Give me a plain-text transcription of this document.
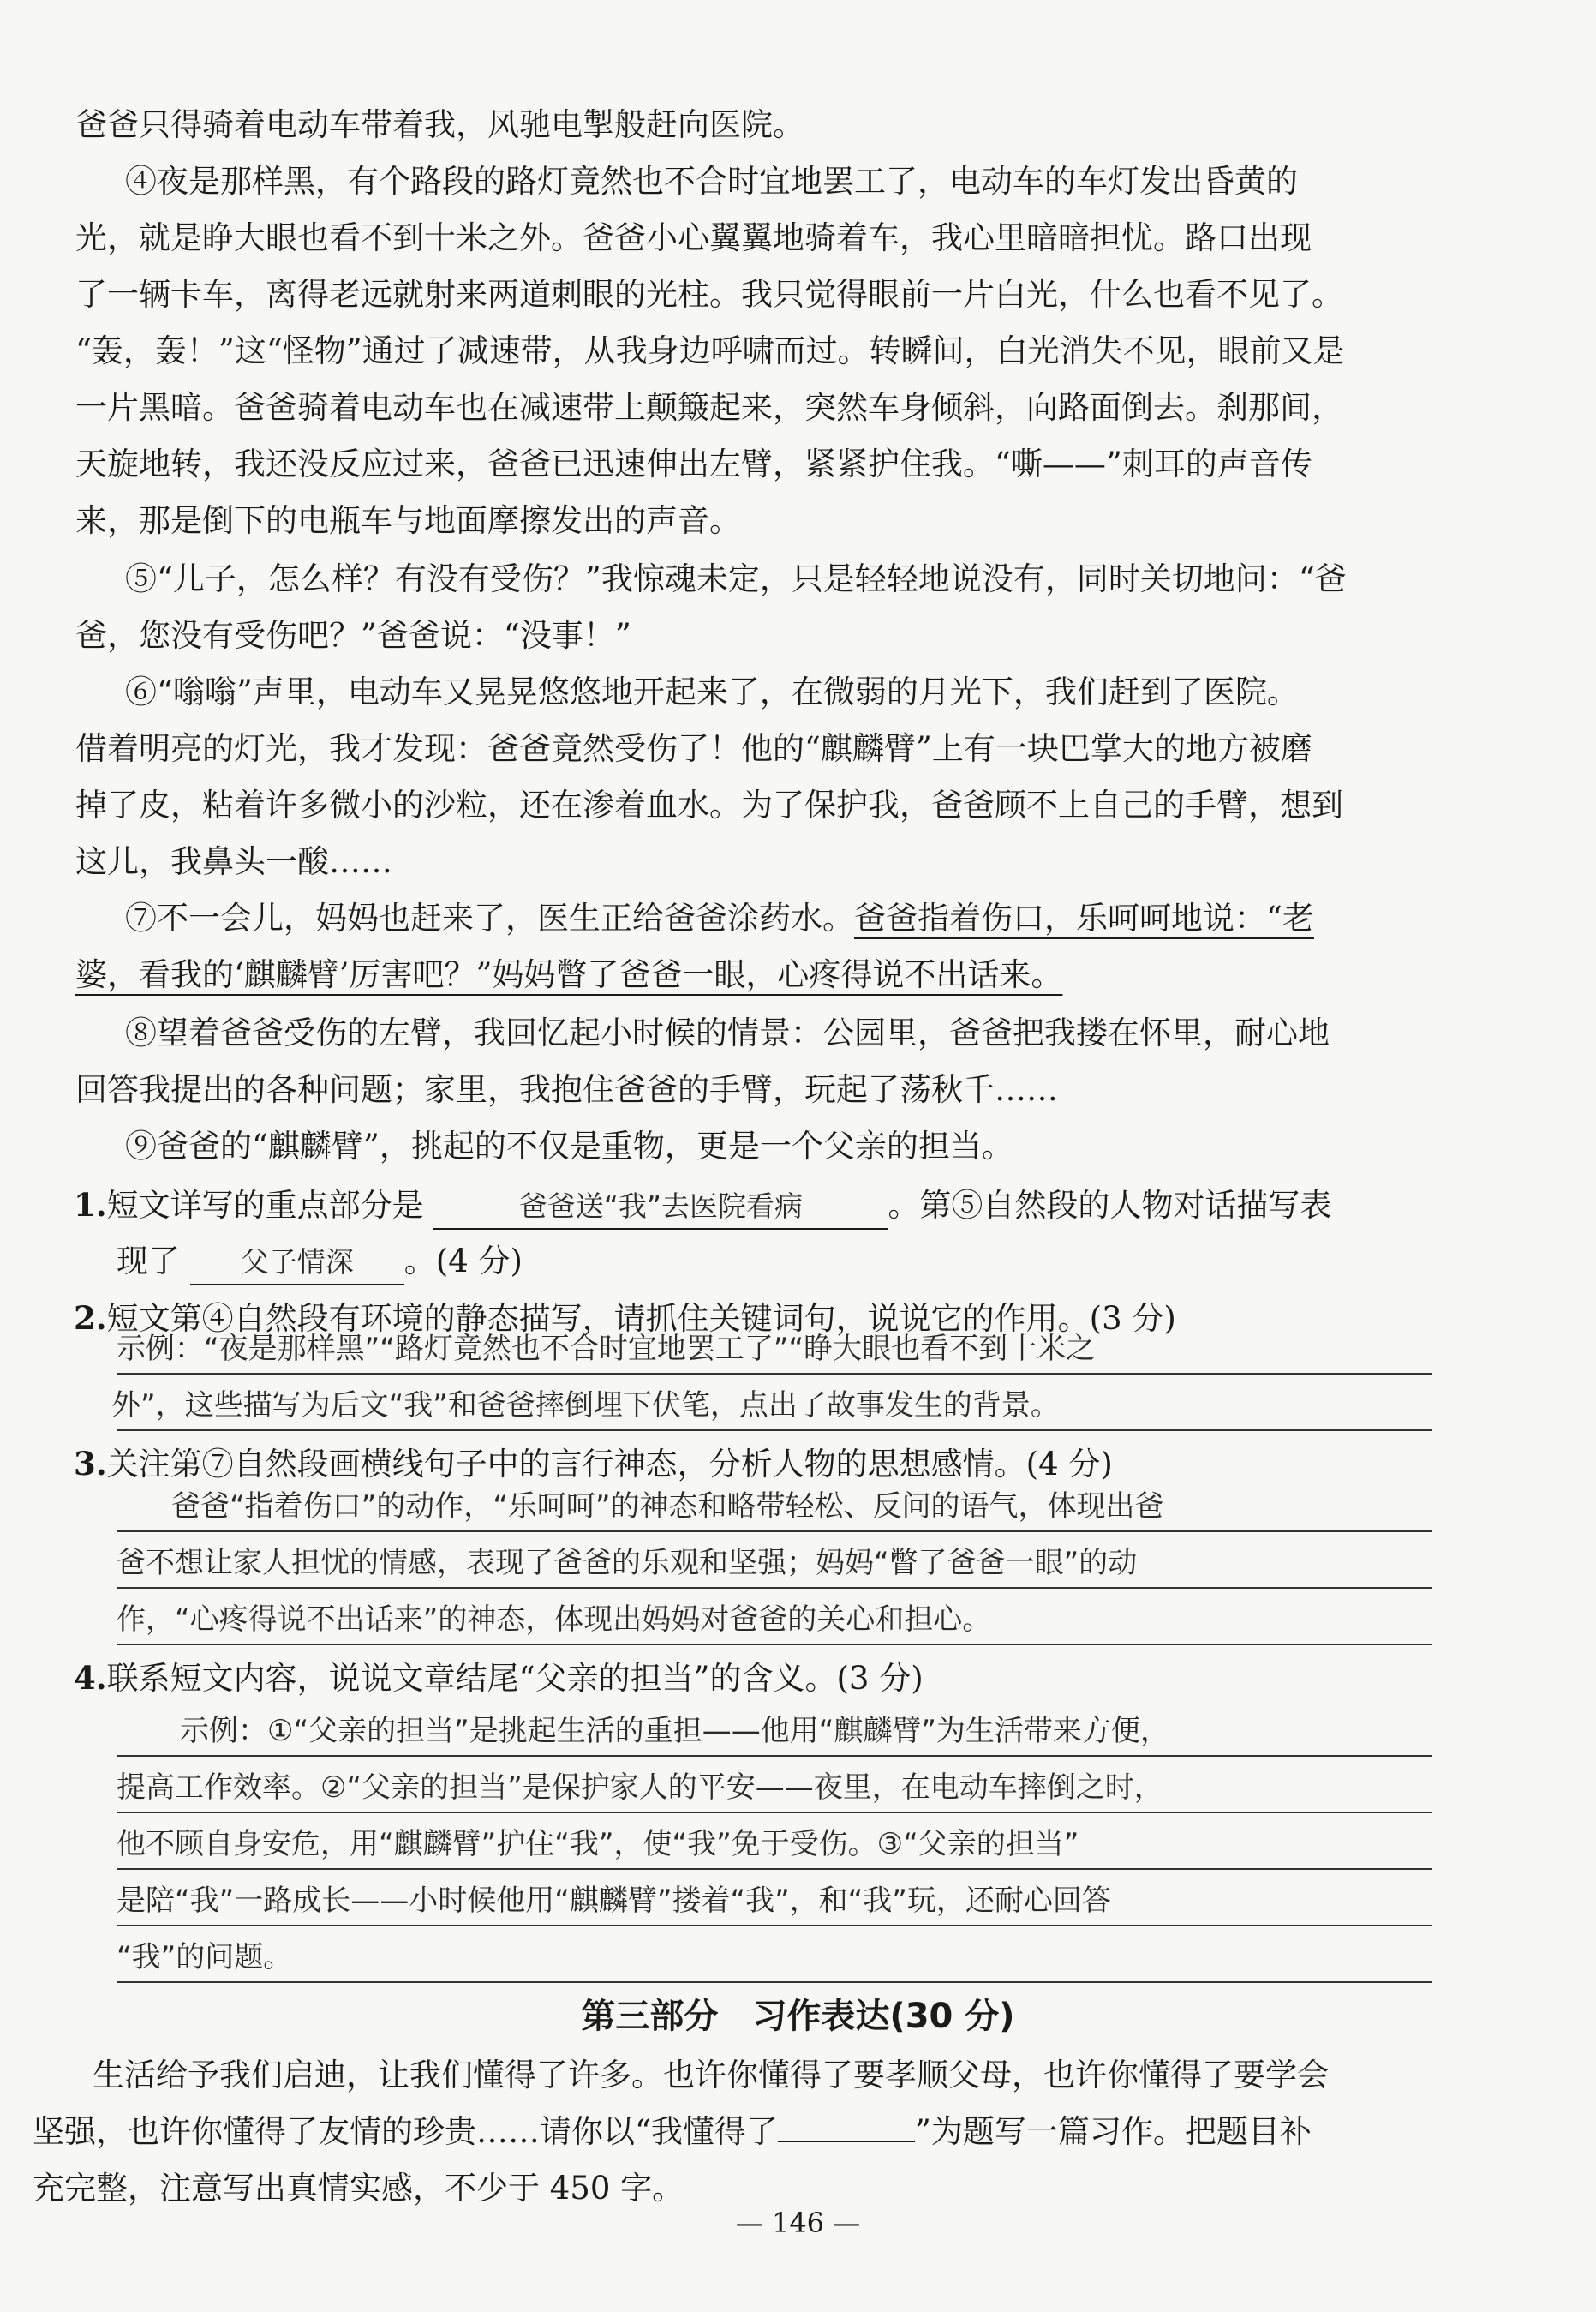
爸爸只得骑着电动车带着我，风驰电掣般赶向医院。

④夜是那样黑，有个路段的路灯竟然也不合时宜地罢工了，电动车的车灯发出昏黄的

光，就是睁大眼也看不到十米之外。爸爸小心翼翼地骑着车，我心里暗暗担忧。路口出现

了一辆卡车，离得老远就射来两道刺眼的光柱。我只觉得眼前一片白光，什么也看不见了。

“轰，轰！”这“怪物”通过了减速带，从我身边呼啸而过。转瞬间，白光消失不见，眼前又是

一片黑暗。爸爸骑着电动车也在减速带上颠簸起来，突然车身倾斜，向路面倒去。刹那间，

天旋地转，我还没反应过来，爸爸已迅速伸出左臂，紧紧护住我。“嘶——”刺耳的声音传

来，那是倒下的电瓶车与地面摩擦发出的声音。

⑤“儿子，怎么样？有没有受伤？”我惊魂未定，只是轻轻地说没有，同时关切地问：“爸

爸，您没有受伤吧？”爸爸说：“没事！”

⑥“嗡嗡”声里，电动车又晃晃悠悠地开起来了，在微弱的月光下，我们赶到了医院。

借着明亮的灯光，我才发现：爸爸竟然受伤了！他的“麒麟臂”上有一块巴掌大的地方被磨

掉了皮，粘着许多微小的沙粒，还在渗着血水。为了保护我，爸爸顾不上自己的手臂，想到

这儿，我鼻头一酸……

⑦不一会儿，妈妈也赶来了，医生正给爸爸涂药水。爸爸指着伤口，乐呵呵地说：“老

婆，看我的‘麒麟臂’厉害吧？”妈妈瞥了爸爸一眼，心疼得说不出话来。

⑧望着爸爸受伤的左臂，我回忆起小时候的情景：公园里，爸爸把我搂在怀里，耐心地

回答我提出的各种问题；家里，我抱住爸爸的手臂，玩起了荡秋千……

⑨爸爸的“麒麟臂”，挑起的不仅是重物，更是一个父亲的担当。

1.短文详写的重点部分是	爸爸送“我”去医院看病	。第⑤自然段的人物对话描写表

现了 父子情深 。(4 分)

2.短文第④自然段有环境的静态描写，请抓住关键词句，说说它的作用。(3 分)

示例：“夜是那样黑”“路灯竟然也不合时宜地罢工了”“睁大眼也看不到十米之

外”，这些描写为后文“我”和爸爸摔倒埋下伏笔，点出了故事发生的背景。

3.关注第⑦自然段画横线句子中的言行神态，分析人物的思想感情。(4 分)

爸爸“指着伤口”的动作，“乐呵呵”的神态和略带轻松、反问的语气，体现出爸

爸不想让家人担忧的情感，表现了爸爸的乐观和坚强；妈妈“瞥了爸爸一眼”的动

作，“心疼得说不出话来”的神态，体现出妈妈对爸爸的关心和担心。

4.联系短文内容，说说文章结尾“父亲的担当”的含义。(3 分)

示例：①“父亲的担当”是挑起生活的重担——他用“麒麟臂”为生活带来方便，

提高工作效率。②“父亲的担当”是保护家人的平安——夜里，在电动车摔倒之时，

他不顾自身安危，用“麒麟臂”护住“我”，使“我”免于受伤。③“父亲的担当”

是陪“我”一路成长——小时候他用“麒麟臂”搂着“我”，和“我”玩，还耐心回答

“我”的问题。

第三部分　习作表达(30 分)

生活给予我们启迪，让我们懂得了许多。也许你懂得了要孝顺父母，也许你懂得了要学会

坚强，也许你懂得了友情的珍贵……请你以“我懂得了	”为题写一篇习作。把题目补

充完整，注意写出真情实感，不少于 450 字。

— 146 —
